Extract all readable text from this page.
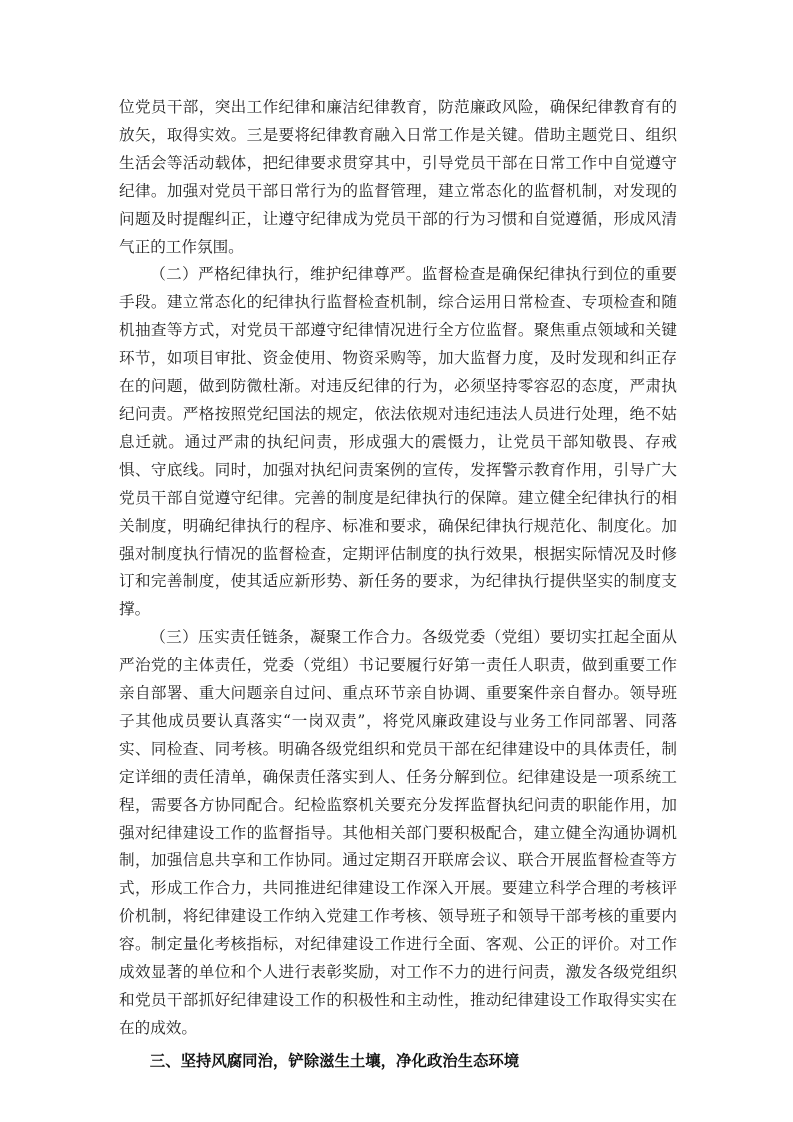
位党员干部，突出工作纪律和廉洁纪律教育，防范廉政风险，确保纪律教育有的放矢，取得实效。三是要将纪律教育融入日常工作是关键。借助主题党日、组织生活会等活动载体，把纪律要求贯穿其中，引导党员干部在日常工作中自觉遵守纪律。加强对党员干部日常行为的监督管理，建立常态化的监督机制，对发现的问题及时提醒纠正，让遵守纪律成为党员干部的行为习惯和自觉遵循，形成风清气正的工作氛围。

（二）严格纪律执行，维护纪律尊严。监督检查是确保纪律执行到位的重要手段。建立常态化的纪律执行监督检查机制，综合运用日常检查、专项检查和随机抽查等方式，对党员干部遵守纪律情况进行全方位监督。聚焦重点领域和关键环节，如项目审批、资金使用、物资采购等，加大监督力度，及时发现和纠正存在的问题，做到防微杜渐。对违反纪律的行为，必须坚持零容忍的态度，严肃执纪问责。严格按照党纪国法的规定，依法依规对违纪违法人员进行处理，绝不姑息迁就。通过严肃的执纪问责，形成强大的震慑力，让党员干部知敬畏、存戒惧、守底线。同时，加强对执纪问责案例的宣传，发挥警示教育作用，引导广大党员干部自觉遵守纪律。完善的制度是纪律执行的保障。建立健全纪律执行的相关制度，明确纪律执行的程序、标准和要求，确保纪律执行规范化、制度化。加强对制度执行情况的监督检查，定期评估制度的执行效果，根据实际情况及时修订和完善制度，使其适应新形势、新任务的要求，为纪律执行提供坚实的制度支撑。

（三）压实责任链条，凝聚工作合力。各级党委（党组）要切实扛起全面从严治党的主体责任，党委（党组）书记要履行好第一责任人职责，做到重要工作亲自部署、重大问题亲自过问、重点环节亲自协调、重要案件亲自督办。领导班子其他成员要认真落实“一岗双责”，将党风廉政建设与业务工作同部署、同落实、同检查、同考核。明确各级党组织和党员干部在纪律建设中的具体责任，制定详细的责任清单，确保责任落实到人、任务分解到位。纪律建设是一项系统工程，需要各方协同配合。纪检监察机关要充分发挥监督执纪问责的职能作用，加强对纪律建设工作的监督指导。其他相关部门要积极配合，建立健全沟通协调机制，加强信息共享和工作协同。通过定期召开联席会议、联合开展监督检查等方式，形成工作合力，共同推进纪律建设工作深入开展。要建立科学合理的考核评价机制，将纪律建设工作纳入党建工作考核、领导班子和领导干部考核的重要内容。制定量化考核指标，对纪律建设工作进行全面、客观、公正的评价。对工作成效显著的单位和个人进行表彰奖励，对工作不力的进行问责，激发各级党组织和党员干部抓好纪律建设工作的积极性和主动性，推动纪律建设工作取得实实在在的成效。

三、坚持风腐同治，铲除滋生土壤，净化政治生态环境
